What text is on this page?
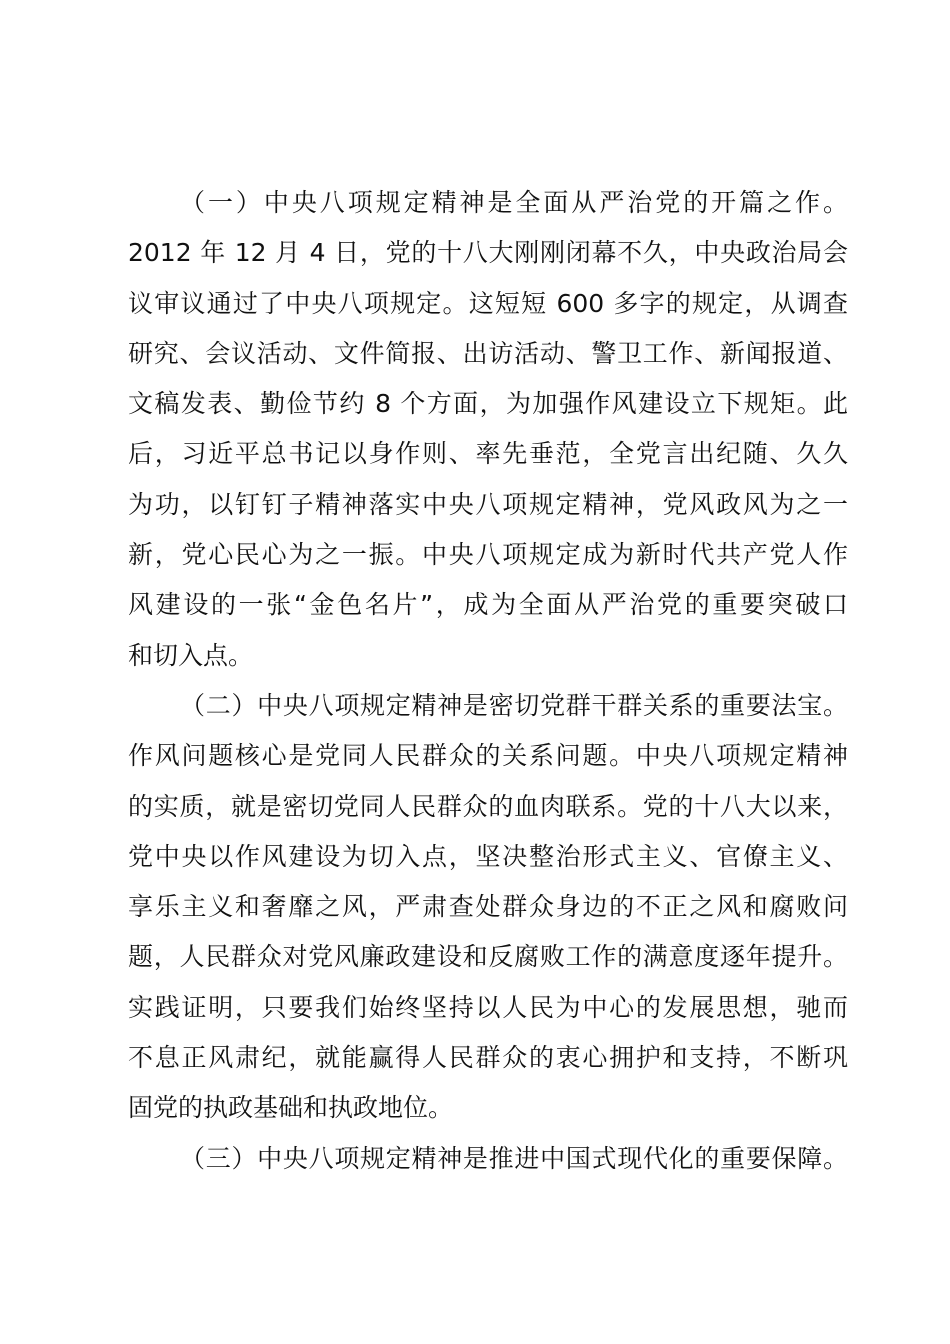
（一）中央八项规定精神是全面从严治党的开篇之作。
2012 年 12 月 4 日，党的十八大刚刚闭幕不久，中央政治局会
议审议通过了中央八项规定。这短短 600 多字的规定，从调查
研究、会议活动、文件简报、出访活动、警卫工作、新闻报道、
文稿发表、勤俭节约 8 个方面，为加强作风建设立下规矩。此
后，习近平总书记以身作则、率先垂范，全党言出纪随、久久
为功，以钉钉子精神落实中央八项规定精神，党风政风为之一
新，党心民心为之一振。中央八项规定成为新时代共产党人作
风建设的一张“金色名片”，成为全面从严治党的重要突破口
和切入点。
（二）中央八项规定精神是密切党群干群关系的重要法宝。
作风问题核心是党同人民群众的关系问题。中央八项规定精神
的实质，就是密切党同人民群众的血肉联系。党的十八大以来，
党中央以作风建设为切入点，坚决整治形式主义、官僚主义、
享乐主义和奢靡之风，严肃查处群众身边的不正之风和腐败问
题，人民群众对党风廉政建设和反腐败工作的满意度逐年提升。
实践证明，只要我们始终坚持以人民为中心的发展思想，驰而
不息正风肃纪，就能赢得人民群众的衷心拥护和支持，不断巩
固党的执政基础和执政地位。
（三）中央八项规定精神是推进中国式现代化的重要保障。
